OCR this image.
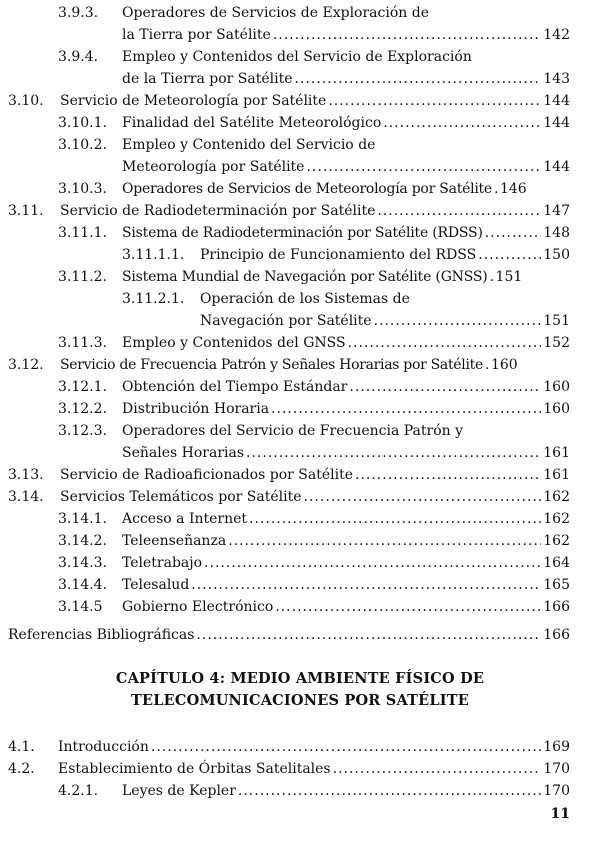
3.9.3. Operadores de Servicios de Exploración de
la Tierra por Satélite .....	142
3.9.4. Empleo y Contenidos del Servicio de Exploración
de la Tierra por Satélite .....	143
3.10. Servicio de Meteorología por Satélite .....	144
3.10.1. Finalidad del Satélite Meteorológico .....	144
3.10.2. Empleo y Contenido del Servicio de
Meteorología por Satélite .....	144
3.10.3. Operadores de Servicios de Meteorología por Satélite ..... 146
3.11. Servicio de Radiodeterminación por Satélite .....	147
3.11.1. Sistema de Radiodeterminación por Satélite (RDSS) .....	148
3.11.1.1. Principio de Funcionamiento del RDSS .....	150
3.11.2. Sistema Mundial de Navegación por Satélite (GNSS) ..... 151
3.11.2.1. Operación de los Sistemas de
Navegación por Satélite .....	151
3.11.3. Empleo y Contenidos del GNSS .....	152
3.12. Servicio de Frecuencia Patrón y Señales Horarias por Satélite ..... 160
3.12.1. Obtención del Tiempo Estándar .....	160
3.12.2. Distribución Horaria .....	160
3.12.3. Operadores del Servicio de Frecuencia Patrón y
Señales Horarias .....	161
3.13. Servicio de Radioaficionados por Satélite .....	161
3.14. Servicios Telemáticos por Satélite .....	162
3.14.1. Acceso a Internet .....	162
3.14.2. Teleenseñanza .....	162
3.14.3. Teletrabajo .....	164
3.14.4. Telesalud .....	165
3.14.5 Gobierno Electrónico .....	166
Referencias Bibliográficas .....	166
CAPÍTULO 4: MEDIO AMBIENTE FÍSICO DE
TELECOMUNICACIONES POR SATÉLITE
4.1. Introducción .....	169
4.2. Establecimiento de Órbitas Satelitales .....	170
4.2.1. Leyes de Kepler .....	170
11
